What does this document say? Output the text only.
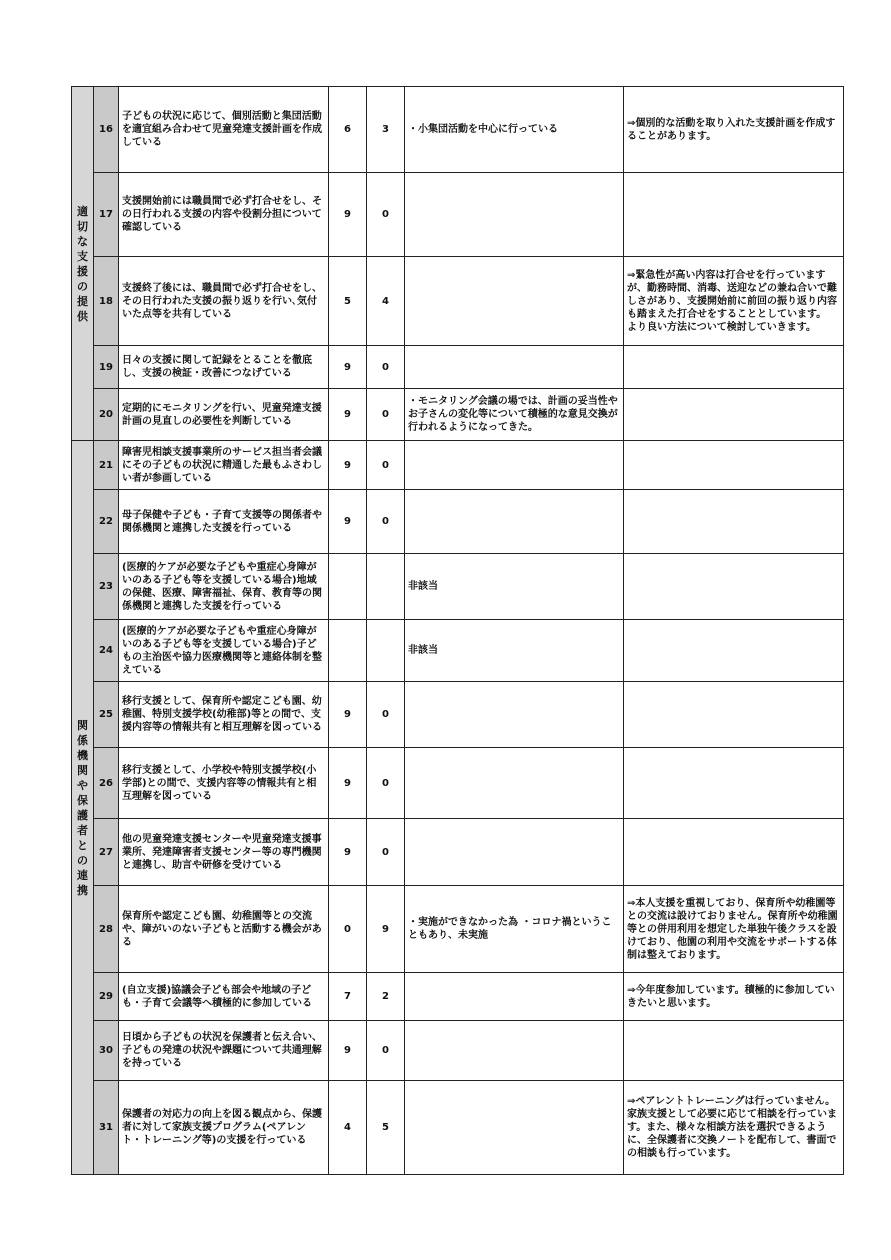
適切な支援の提供	16	子どもの状況に応じて、個別活動と集団活動を適宜組み合わせて児童発達支援計画を作成している	6	3	・小集団活動を中心に行っている	⇒個別的な活動を取り入れた支援計画を作成することがあります。

	17	支援開始前には職員間で必ず打合せをし、その日行われる支援の内容や役割分担について確認している	9	0	

	18	支援終了後には、職員間で必ず打合せをし、その日行われた支援の振り返りを行い､気付いた点等を共有している	5	4		⇒緊急性が高い内容は打合せを行っていますが、勤務時間、消毒、送迎などの兼ね合いで難しさがあり、支援開始前に前回の振り返り内容も踏まえた打合せをすることとしています。
より良い方法について検討していきます。

	19	日々の支援に関して記録をとることを徹底し、支援の検証・改善につなげている	9	0	

	20	定期的にモニタリングを行い、児童発達支援計画の見直しの必要性を判断している	9	0	・モニタリング会議の場では、計画の妥当性やお子さんの変化等について積極的な意見交換が行われるようになってきた。	

関係機関や保護者との連携	21	障害児相談支援事業所のサービス担当者会議にその子どもの状況に精通した最もふさわしい者が参画している	9	0	

	22	母子保健や子ども・子育て支援等の関係者や関係機関と連携した支援を行っている	9	0	

	23	(医療的ケアが必要な子どもや重症心身障がいのある子ども等を支援している場合)地域の保健、医療、障害福祉、保育、教育等の関係機関と連携した支援を行っている			非該当	

	24	(医療的ケアが必要な子どもや重症心身障がいのある子ども等を支援している場合)子どもの主治医や協力医療機関等と連絡体制を整えている			非該当	

	25	移行支援として、保育所や認定こども園、幼稚園、特別支援学校(幼稚部)等との間で、支援内容等の情報共有と相互理解を図っている	9	0	

	26	移行支援として、小学校や特別支援学校(小学部)との間で、支援内容等の情報共有と相互理解を図っている	9	0	

	27	他の児童発達支援センターや児童発達支援事業所、発達障害者支援センター等の専門機関と連携し、助言や研修を受けている	9	0	

	28	保育所や認定こども園、幼稚園等との交流や、障がいのない子どもと活動する機会がある	0	9	・実施ができなかった為 ・コロナ禍ということもあり、未実施	⇒本人支援を重視しており、保育所や幼稚園等との交流は設けておりません。保育所や幼稚園等との併用利用を想定した単独午後クラスを設けており、他園の利用や交流をサポートする体制は整えております。

	29	(自立支援)協議会子ども部会や地域の子ども・子育て会議等へ積極的に参加している	7	2		⇒今年度参加しています。積極的に参加していきたいと思います。

	30	日頃から子どもの状況を保護者と伝え合い、子どもの発達の状況や課題について共通理解を持っている	9	0	

	31	保護者の対応力の向上を図る観点から、保護者に対して家族支援プログラム(ペアレント・トレーニング等)の支援を行っている	4	5		⇒ペアレントトレーニングは行っていません。家族支援として必要に応じて相談を行っています。また、様々な相談方法を選択できるように、全保護者に交換ノートを配布して、書面での相談も行っています。
